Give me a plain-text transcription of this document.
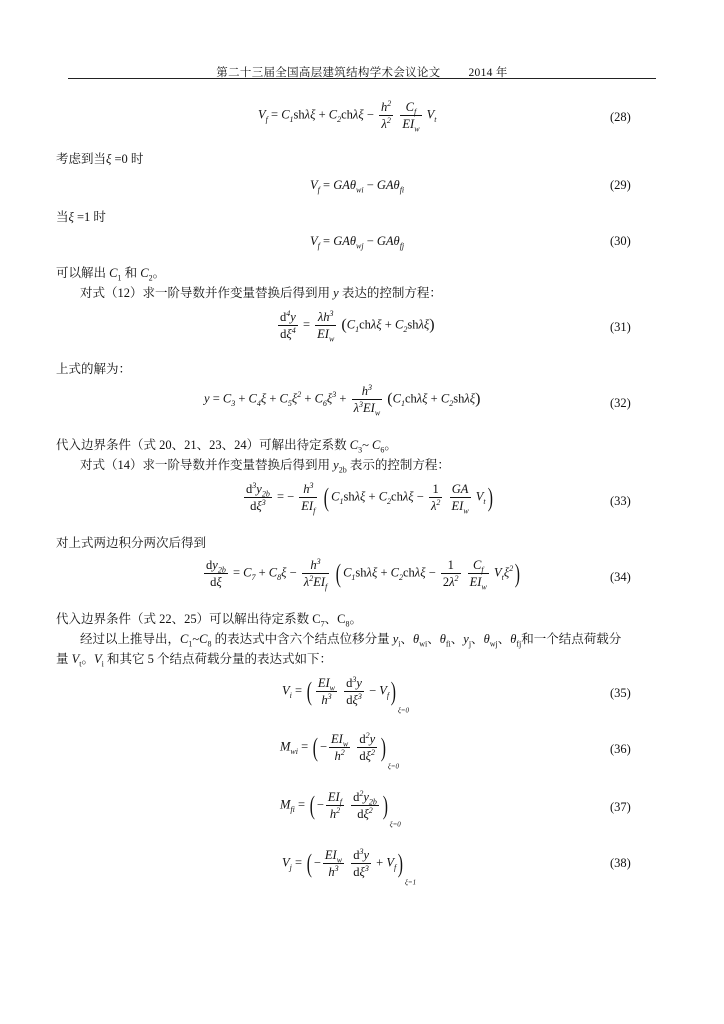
第二十三届全国高层建筑结构学术会议论文 2014 年
$V_f = C_1sh\lambda\xi + C_2ch\lambda\xi - \frac{h^2}{\lambda^2}$
$\frac{C_f}{EI_w} V_t$	(28)
考虑到当ξ =0 时
$V_f = GA\theta_{wi} - GA\theta_{fi}$	(29)
当ξ =1 时
$V_f = GA\theta_{wj} - GA\theta_{fj}$	(30)
可以解出 $C_1$ 和 $C_2$。
对式（12）求一阶导数并作变量替换后得到用 y 表达的控制方程：
$\frac{d^4y}{d\xi^4} = \frac{\lambda h^3}{EI_w} (C_1ch\lambda\xi + C_2sh\lambda\xi)$	(31)
上式的解为：
$y = C_3 + C_4\xi + C_5\xi^2 + C_6\xi^3 + \frac{h^3}{\lambda^3EI_w} (C_1ch\lambda\xi + C_2sh\lambda\xi)$	(32)
代入边界条件（式 20、21、23、24）可解出待定系数 $C_3\sim$ $C_6$。
对式（14）求一阶导数并作变量替换后得到用 $y_{2b}$ 表示的控制方程：
$\frac{d^3y_{2b}}{d\xi^3}$ = − $\frac{h^3}{EI_f}$ ( $C_1sh\lambda\xi + C_2ch\lambda\xi - \frac{1}{\lambda^2}$
$\frac{GA}{EI_w} V_t$)	(33)
对上式两边积分两次后得到
$\frac{dy_{2b}}{d\xi} = C_7 + C_8\xi - \frac{h^3}{\lambda^2EI_f}$ ( $C_1sh\lambda\xi + C_2ch\lambda\xi - \frac{1}{2\lambda^2}$
$\frac{C_f}{EI_w} V_t\xi^2$)	(34)
代入边界条件（式 22、25）可以解出待定系数 $C_7$、$C_8$。
经过以上推导出，$C_1\sim C_8$ 的表达式中含六个结点位移分量 $y_i$、$\theta_{wi}$、$\theta_{fi}$、$y_j$、$\theta_{wj}$、$\theta_{fj}$和一个结点荷载分
量 $V_t$。$V_i$ 和其它 5 个结点荷载分量的表达式如下：
$V_i$ = ( $\frac{EI_w}{h^3}$
$\frac{d^3y}{d\xi^3} - V_f)_{\xi=0}$
(35)
$M_{wi}$ = ( − $\frac{EI_w}{h^2}$
$\frac{d^2y}{d\xi^2} )_{\xi=0}$
(36)
$M_{fi}$ = ( − $\frac{EI_f}{h^2}$
$\frac{d^2y_{2b}}{d\xi^2} )_{\xi=0}$
(37)
$V_j$ = ( − $\frac{EI_w}{h^3}$
$\frac{d^3y}{d\xi^3} + V_f)_{\xi=1}$
(38)
